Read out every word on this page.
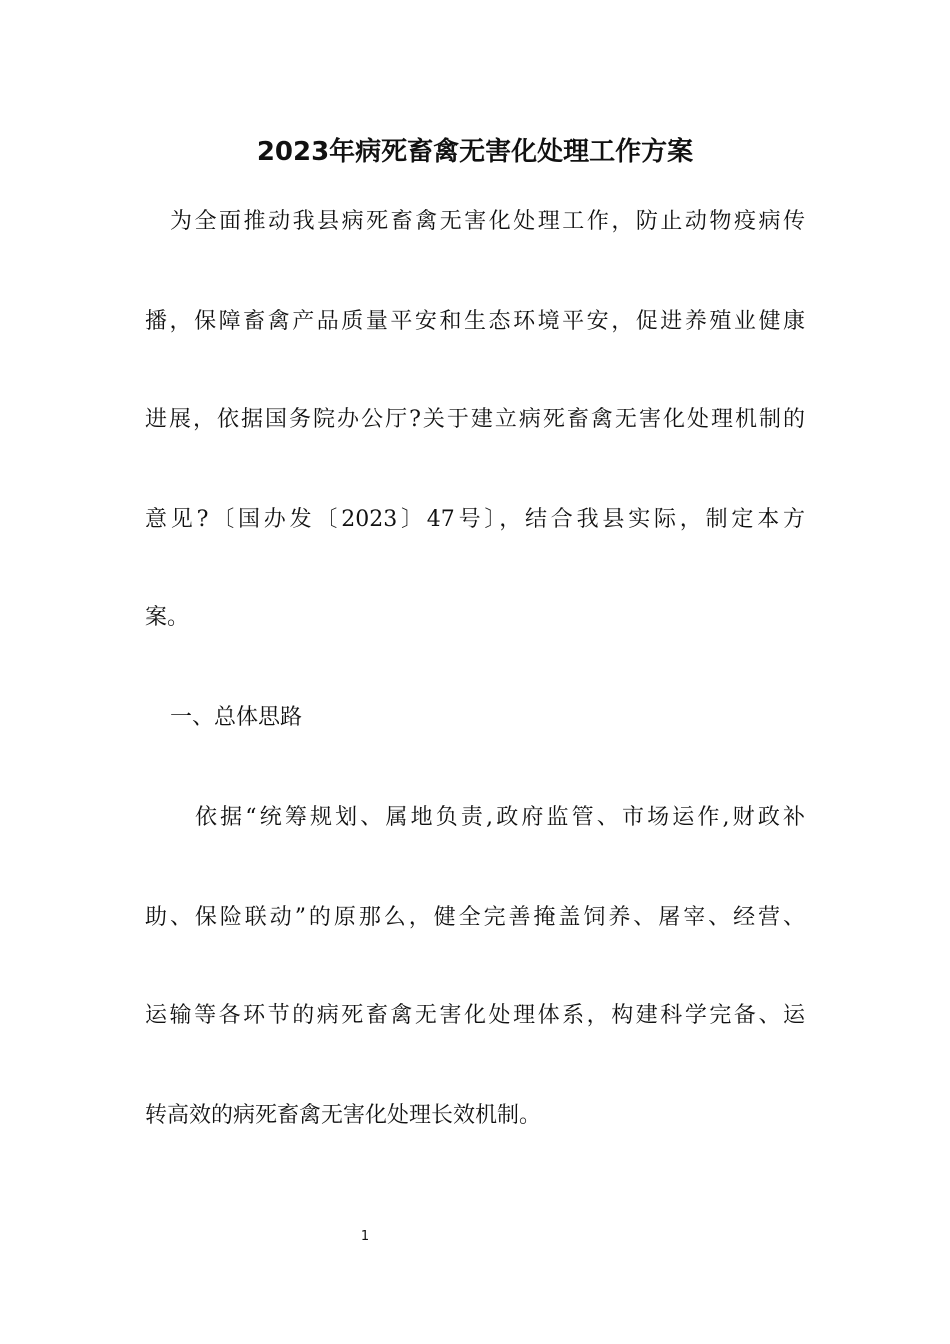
2023年病死畜禽无害化处理工作方案
为全面推动我县病死畜禽无害化处理工作，防止动物疫病传
播，保障畜禽产品质量平安和生态环境平安，促进养殖业健康
进展，依据国务院办公厅?关于建立病死畜禽无害化处理机制的
意见?〔国办发〔2023〕47号〕，结合我县实际，制定本方
案。
一、总体思路
依据“统筹规划、属地负责,政府监管、市场运作,财政补
助、保险联动”的原那么，健全完善掩盖饲养、屠宰、经营、
运输等各环节的病死畜禽无害化处理体系，构建科学完备、运
转高效的病死畜禽无害化处理长效机制。
1
